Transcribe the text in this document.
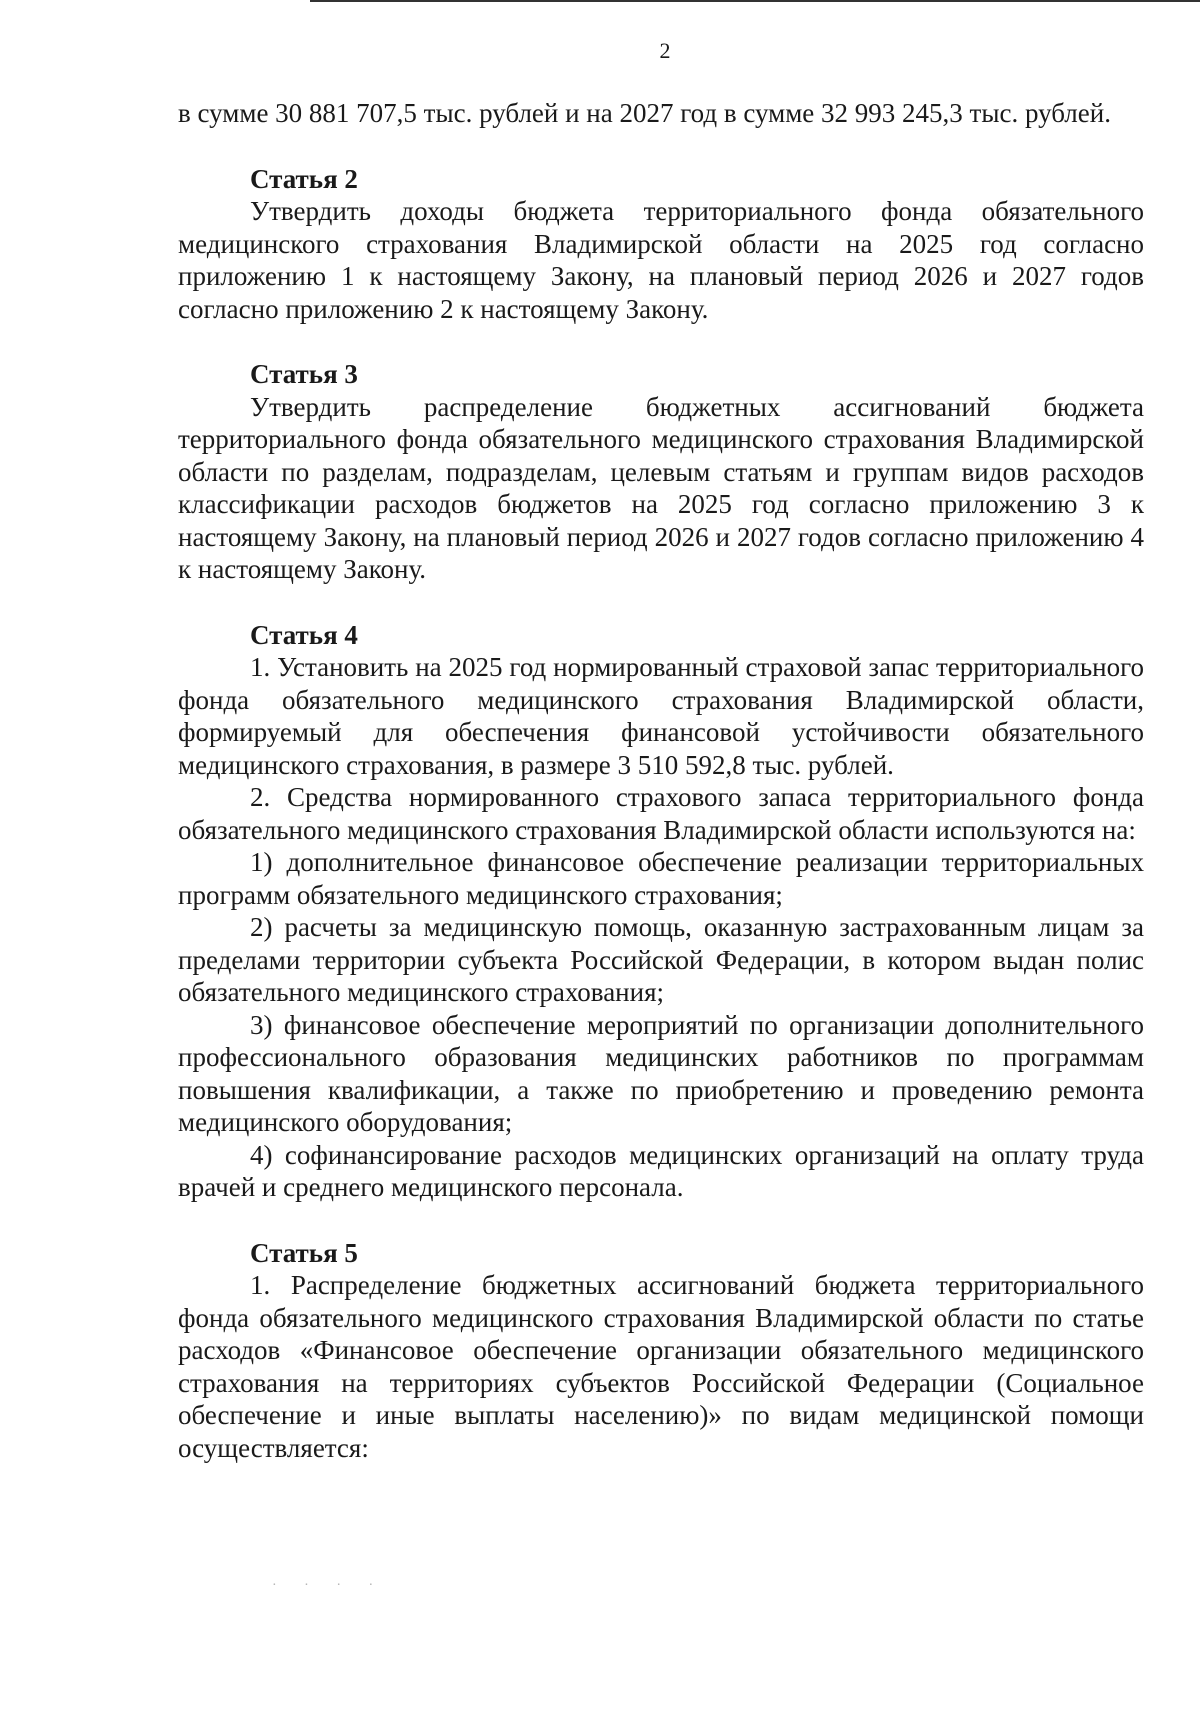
2

в сумме 30 881 707,5 тыс. рублей и на 2027 год в сумме 32 993 245,3 тыс. рублей.

Статья 2

Утвердить доходы бюджета территориального фонда обязательного медицинского страхования Владимирской области на 2025 год согласно приложению 1 к настоящему Закону, на плановый период 2026 и 2027 годов согласно приложению 2 к настоящему Закону.

Статья 3

Утвердить распределение бюджетных ассигнований бюджета территориального фонда обязательного медицинского страхования Владимирской области по разделам, подразделам, целевым статьям и группам видов расходов классификации расходов бюджетов на 2025 год согласно приложению 3 к настоящему Закону, на плановый период 2026 и 2027 годов согласно приложению 4 к настоящему Закону.

Статья 4

1. Установить на 2025 год нормированный страховой запас территориального фонда обязательного медицинского страхования Владимирской области, формируемый для обеспечения финансовой устойчивости обязательного медицинского страхования, в размере 3 510 592,8 тыс. рублей.

2. Средства нормированного страхового запаса территориального фонда обязательного медицинского страхования Владимирской области используются на:

1) дополнительное финансовое обеспечение реализации территориальных программ обязательного медицинского страхования;

2) расчеты за медицинскую помощь, оказанную застрахованным лицам за пределами территории субъекта Российской Федерации, в котором выдан полис обязательного медицинского страхования;

3) финансовое обеспечение мероприятий по организации дополнительного профессионального образования медицинских работников по программам повышения квалификации, а также по приобретению и проведению ремонта медицинского оборудования;

4) софинансирование расходов медицинских организаций на оплату труда врачей и среднего медицинского персонала.

Статья 5

1. Распределение бюджетных ассигнований бюджета территориального фонда обязательного медицинского страхования Владимирской области по статье расходов «Финансовое обеспечение организации обязательного медицинского страхования на территориях субъектов Российской Федерации (Социальное обеспечение и иные выплаты населению)» по видам медицинской помощи осуществляется:

· · · ·
